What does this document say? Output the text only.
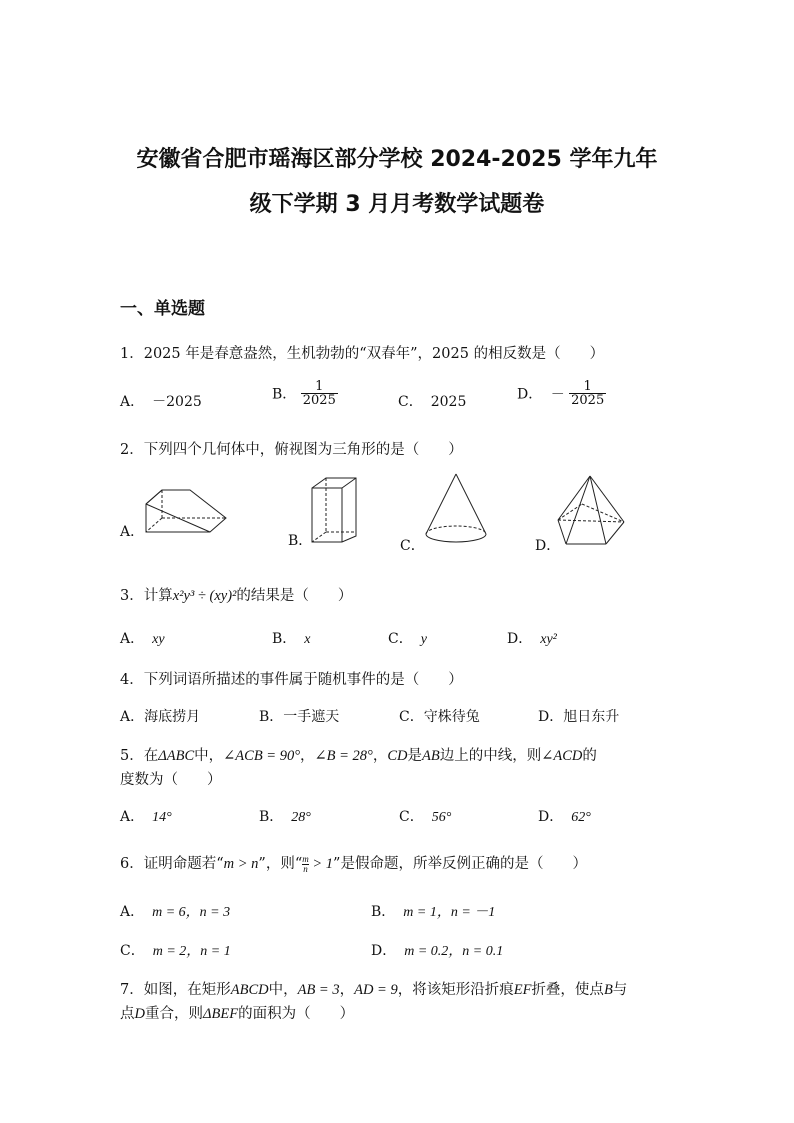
安徽省合肥市瑶海区部分学校 2024-2025 学年九年
级下学期 3 月月考数学试题卷
一、单选题
1．2025 年是春意盎然，生机勃勃的“双春年”，2025 的相反数是（　　）
A． －2025	B． $\frac{1}{2025}$	C． 2025	D． － $\frac{1}{2025}$
2．下列四个几何体中，俯视图为三角形的是（　　）
A．
B．	C．	D．
3．计算x²y³ ÷ (xy)²的结果是（　　）
A． xy	B． x	C． y	D． xy²
4．下列词语所描述的事件属于随机事件的是（　　）
A．海底捞月	B．一手遮天	C．守株待兔	D．旭日东升
5．在ΔABC中，∠ACB = 90°，∠B = 28°，CD是AB边上的中线，则∠ACD的
度数为（　　）
A． 14°	B． 28°	C． 56°	D． 62°
6．证明命题若“m > n”，则“ $\frac{m}{n} > 1$”是假命题，所举反例正确的是（　　）
A． m = 6，n = 3	B． m = 1，n = －1
C． m = 2，n = 1	D． m = 0.2，n = 0.1
7．如图，在矩形ABCD中，AB = 3，AD = 9，将该矩形沿折痕EF折叠，使点B与
点D重合，则ΔBEF的面积为（　　）
